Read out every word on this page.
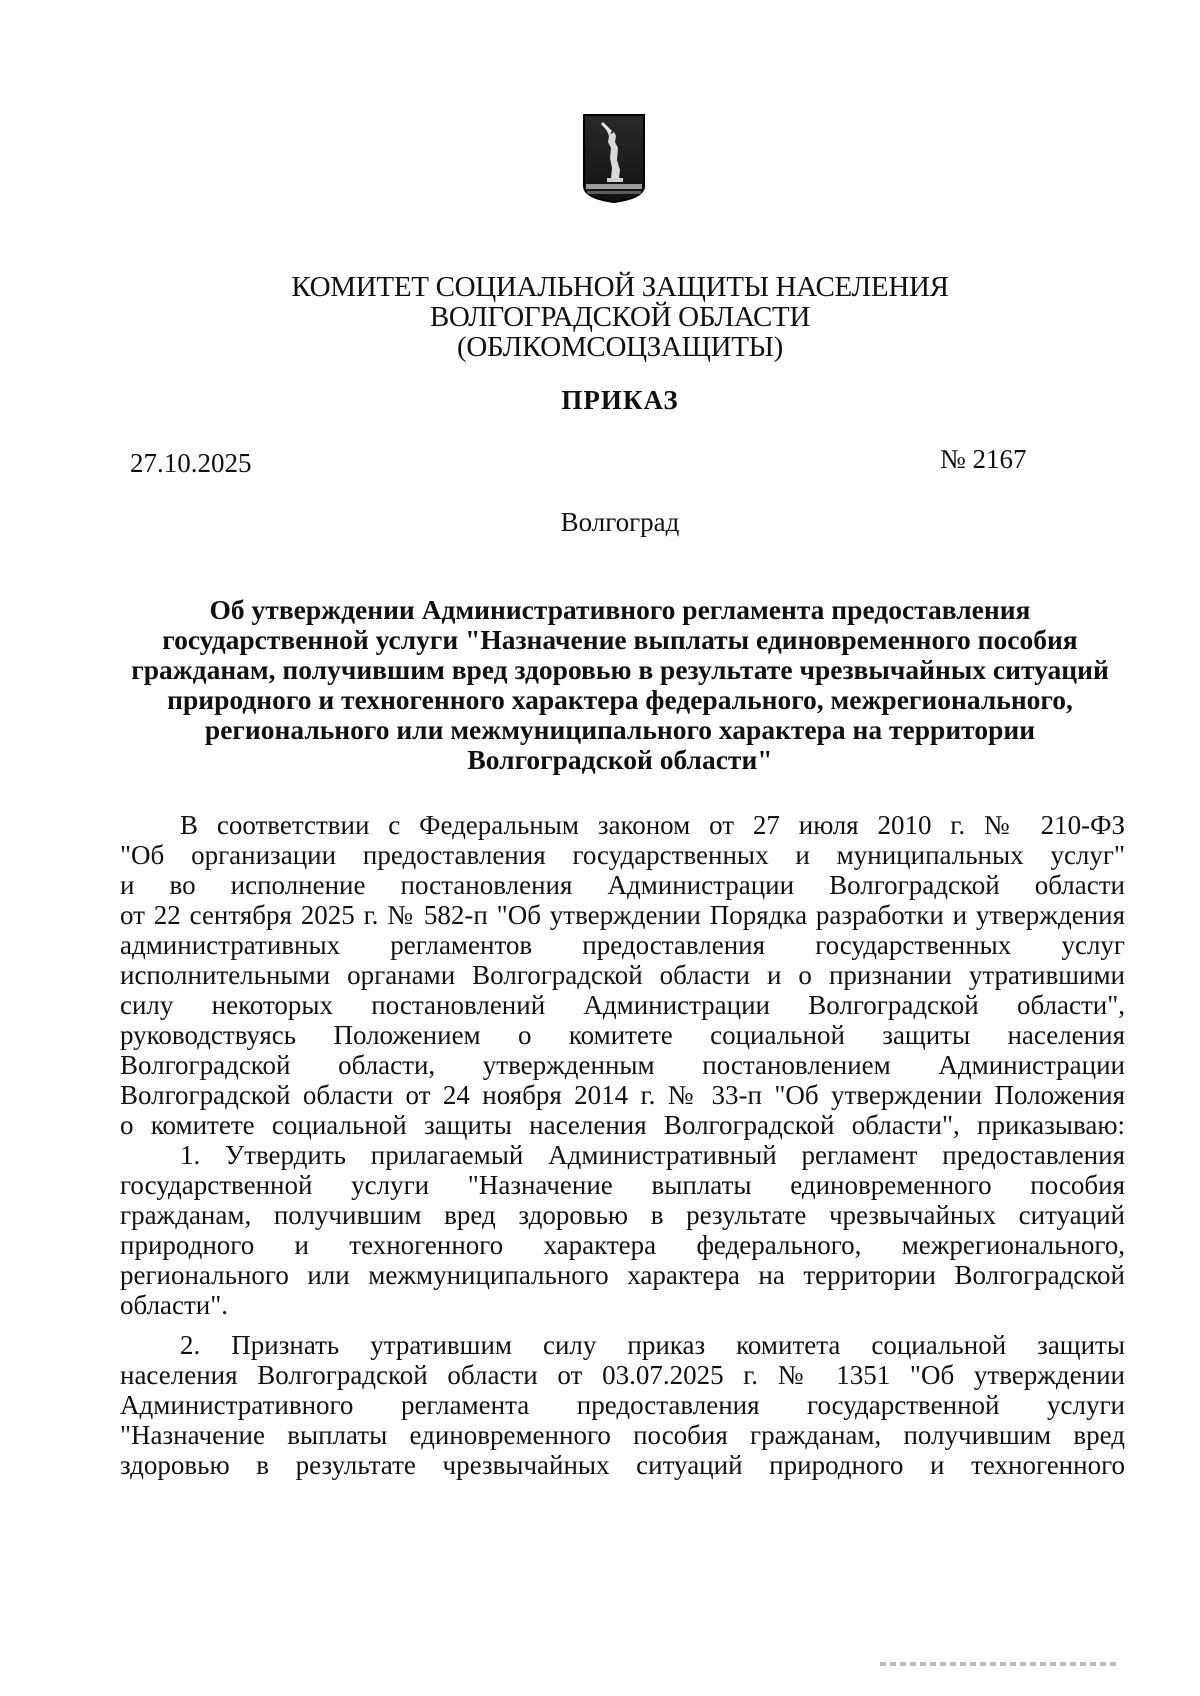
КОМИТЕТ СОЦИАЛЬНОЙ ЗАЩИТЫ НАСЕЛЕНИЯ
ВОЛГОГРАДСКОЙ ОБЛАСТИ
(ОБЛКОМСОЦЗАЩИТЫ)
ПРИКАЗ
27.10.2025	№ 2167
Волгоград
Об утверждении Административного регламента предоставления
государственной услуги "Назначение выплаты единовременного пособия
гражданам, получившим вред здоровью в результате чрезвычайных ситуаций
природного и техногенного характера федерального, межрегионального,
регионального или межмуниципального характера на территории
Волгоградской области"
В соответствии с Федеральным законом от 27 июля 2010 г. № 210-ФЗ
"Об организации предоставления государственных и муниципальных услуг"
и во исполнение постановления Администрации Волгоградской области
от 22 сентября 2025 г. № 582-п "Об утверждении Порядка разработки и утверждения
административных регламентов предоставления государственных услуг
исполнительными органами Волгоградской области и о признании утратившими
силу некоторых постановлений Администрации Волгоградской области",
руководствуясь Положением о комитете социальной защиты населения
Волгоградской области, утвержденным постановлением Администрации
Волгоградской области от 24 ноября 2014 г. № 33-п "Об утверждении Положения
о комитете социальной защиты населения Волгоградской области", приказываю:
1. Утвердить прилагаемый Административный регламент предоставления
государственной услуги "Назначение выплаты единовременного пособия
гражданам, получившим вред здоровью в результате чрезвычайных ситуаций
природного и техногенного характера федерального, межрегионального,
регионального или межмуниципального характера на территории Волгоградской
области".
2. Признать утратившим силу приказ комитета социальной защиты
населения Волгоградской области от 03.07.2025 г. № 1351 "Об утверждении
Административного регламента предоставления государственной услуги
"Назначение выплаты единовременного пособия гражданам, получившим вред
здоровью в результате чрезвычайных ситуаций природного и техногенного
